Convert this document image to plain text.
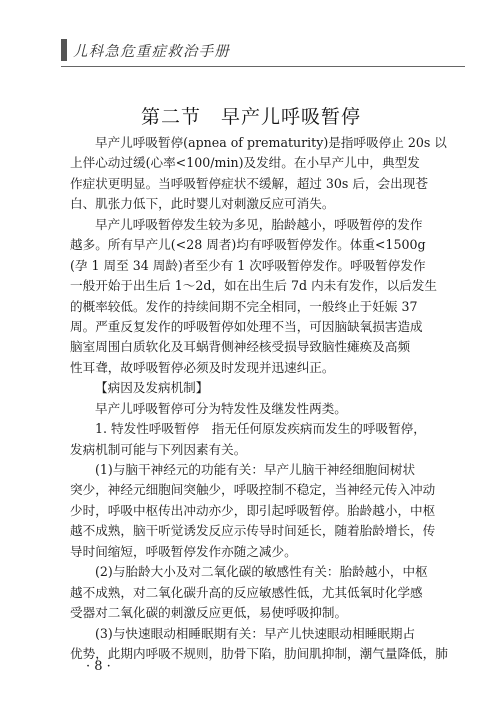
儿科急危重症救治手册
第二节　早产儿呼吸暂停
早产儿呼吸暂停(apnea of prematurity)是指呼吸停止 20s 以
上伴心动过缓(心率<100/min)及发绀。在小早产儿中，典型发
作症状更明显。当呼吸暂停症状不缓解，超过 30s 后，会出现苍
白、肌张力低下，此时婴儿对刺激反应可消失。
早产儿呼吸暂停发生较为多见，胎龄越小，呼吸暂停的发作
越多。所有早产儿(<28 周者)均有呼吸暂停发作。体重<1500g
(孕 1 周至 34 周龄)者至少有 1 次呼吸暂停发作。呼吸暂停发作
一般开始于出生后 1～2d，如在出生后 7d 内未有发作，以后发生
的概率较低。发作的持续间期不完全相同，一般终止于妊娠 37
周。严重反复发作的呼吸暂停如处理不当，可因脑缺氧损害造成
脑室周围白质软化及耳蜗背侧神经核受损导致脑性瘫痪及高频
性耳聋，故呼吸暂停必须及时发现并迅速纠正。
【病因及发病机制】
早产儿呼吸暂停可分为特发性及继发性两类。
1. 特发性呼吸暂停　指无任何原发疾病而发生的呼吸暂停，
发病机制可能与下列因素有关。
(1)与脑干神经元的功能有关：早产儿脑干神经细胞间树状
突少，神经元细胞间突触少，呼吸控制不稳定，当神经元传入冲动
少时，呼吸中枢传出冲动亦少，即引起呼吸暂停。胎龄越小，中枢
越不成熟，脑干听觉诱发反应示传导时间延长，随着胎龄增长，传
导时间缩短，呼吸暂停发作亦随之减少。
(2)与胎龄大小及对二氧化碳的敏感性有关：胎龄越小，中枢
越不成熟，对二氧化碳升高的反应敏感性低，尤其低氧时化学感
受器对二氧化碳的刺激反应更低，易使呼吸抑制。
(3)与快速眼动相睡眠期有关：早产儿快速眼动相睡眠期占
优势，此期内呼吸不规则，肋骨下陷，肋间肌抑制，潮气量降低，肺
· 8 ·
